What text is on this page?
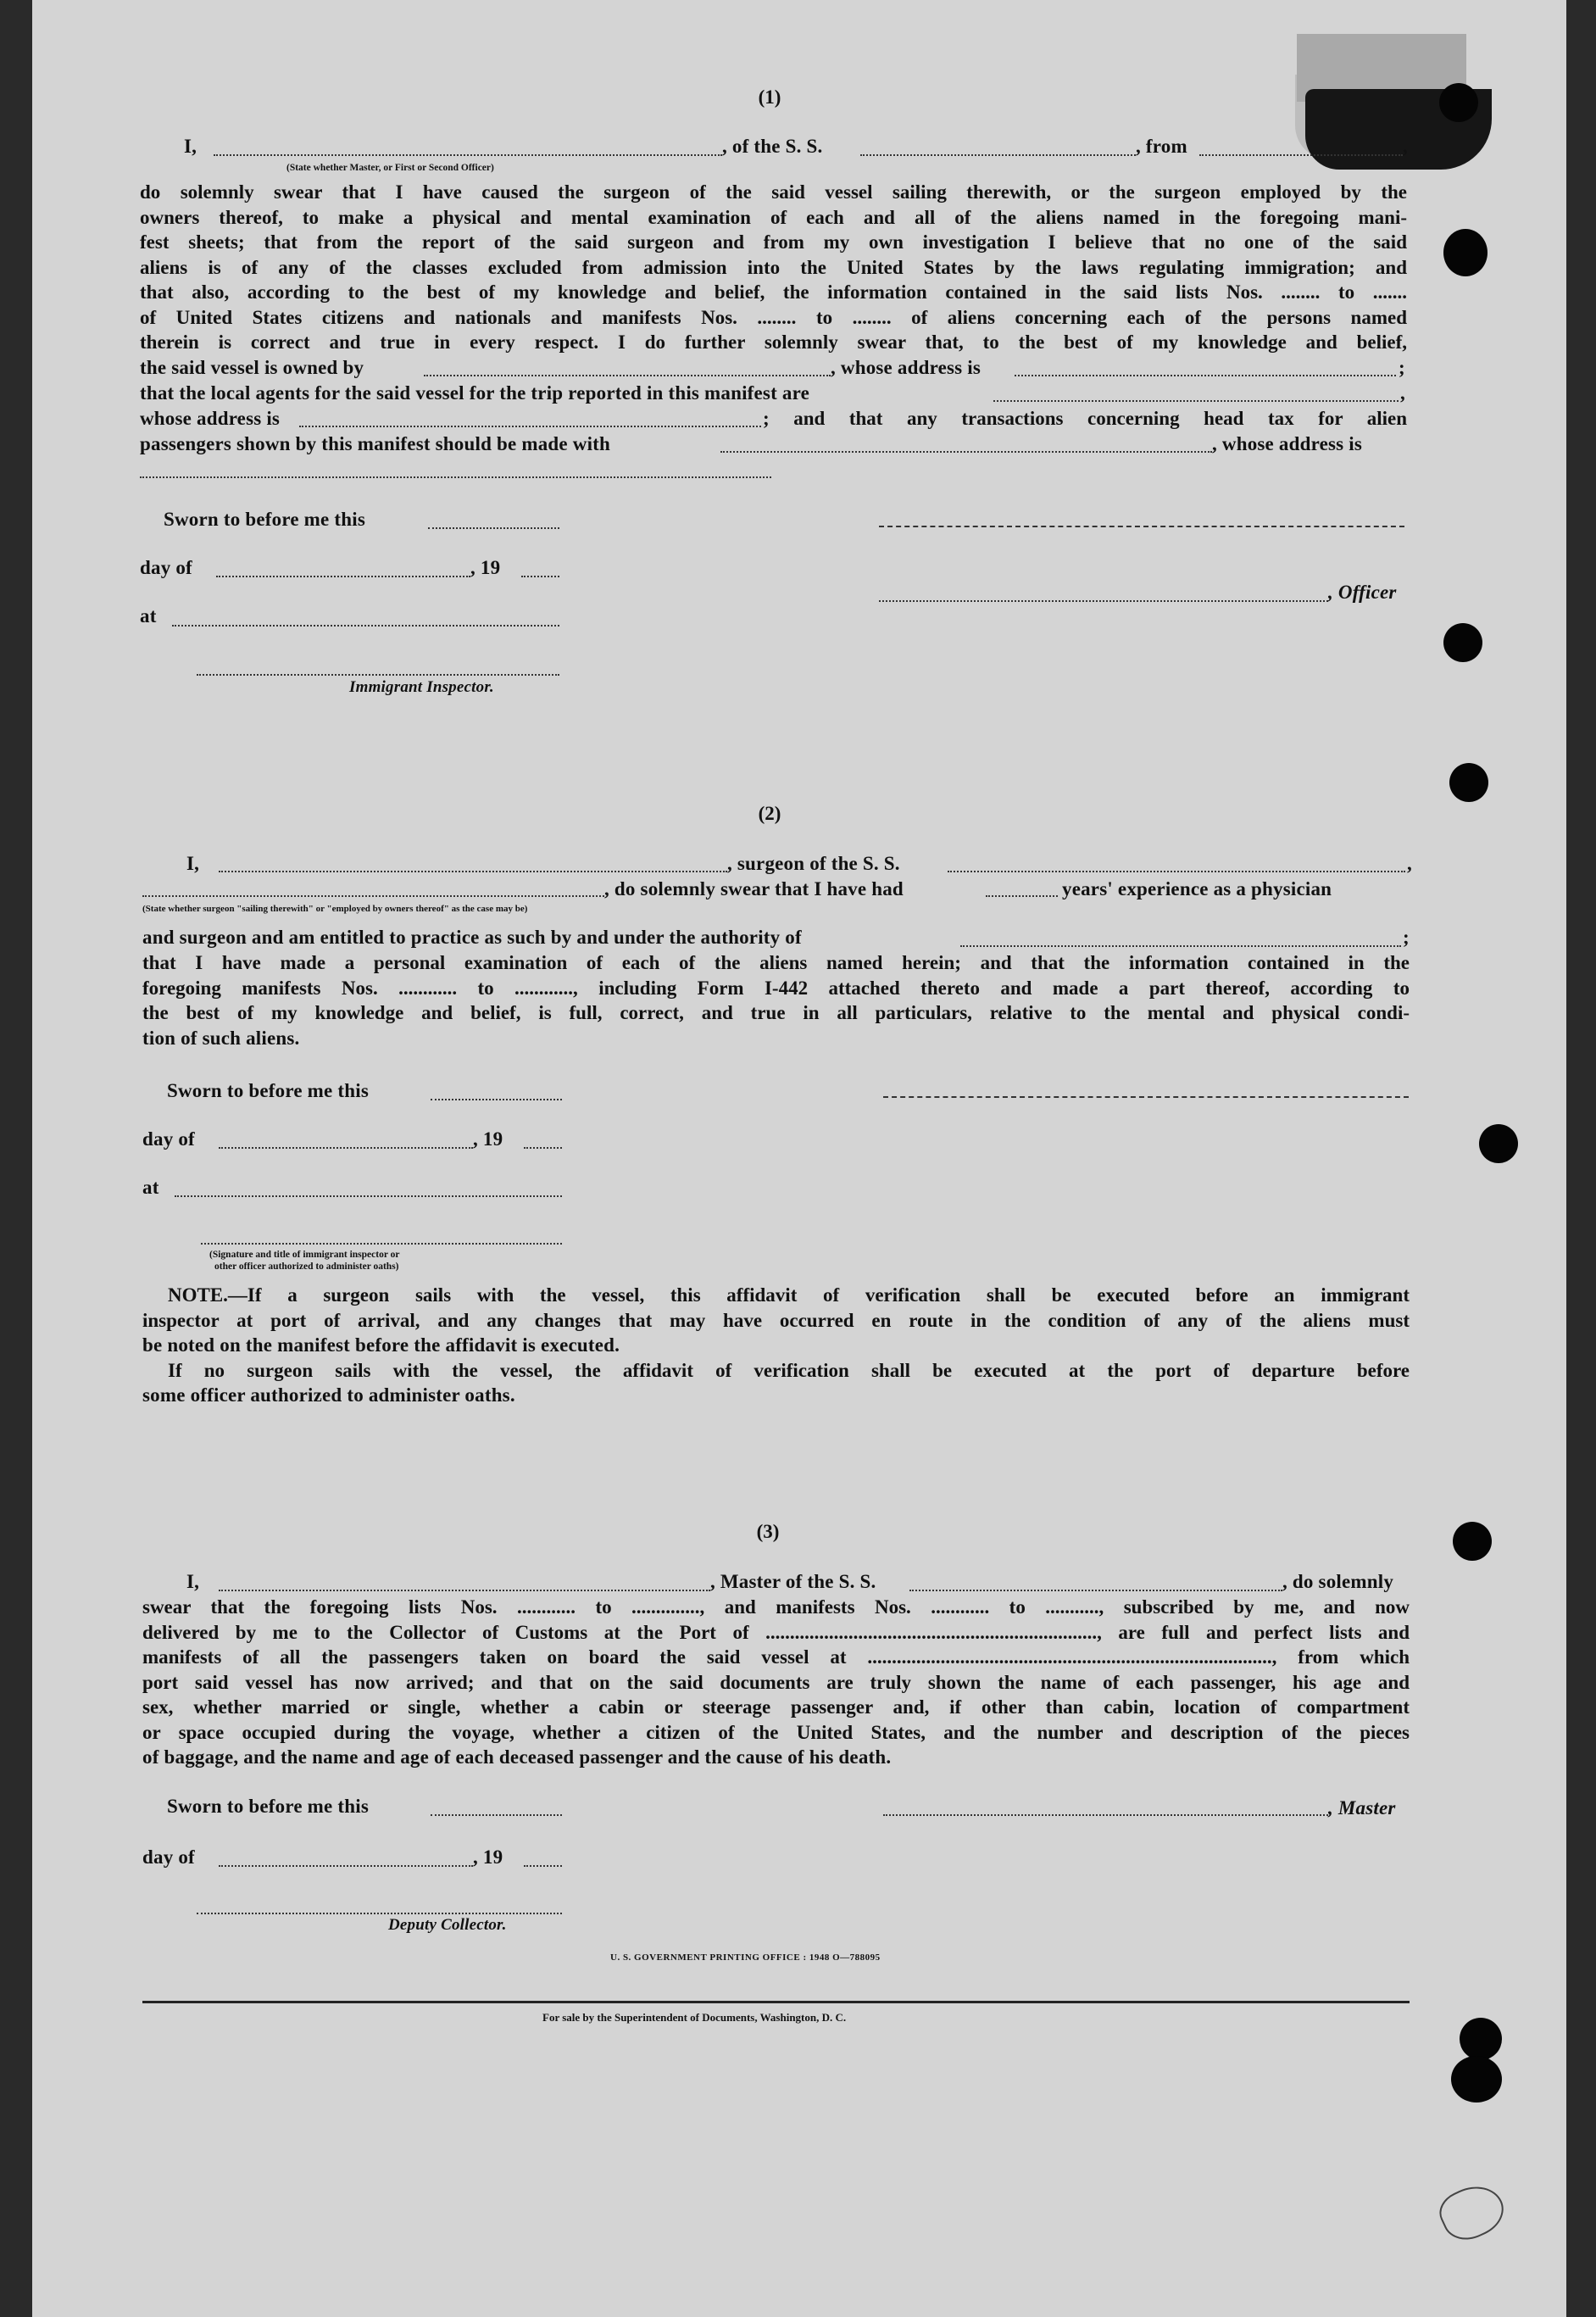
(1)
I,	, of the S. S.	, from	,
(State whether Master, or First or Second Officer)
do solemnly swear that I have caused the surgeon of the said vessel sailing therewith, or the surgeon employed by the
owners thereof, to make a physical and mental examination of each and all of the aliens named in the foregoing mani-
fest sheets; that from the report of the said surgeon and from my own investigation I believe that no one of the said
aliens is of any of the classes excluded from admission into the United States by the laws regulating immigration; and
that also, according to the best of my knowledge and belief, the information contained in the said lists Nos. ........ to .......
of United States citizens and nationals and manifests Nos. ........ to ........ of aliens concerning each of the persons named
therein is correct and true in every respect. I do further solemnly swear that, to the best of my knowledge and belief,
the said vessel is owned by	, whose address is	;
that the local agents for the said vessel for the trip reported in this manifest are	,
whose address is	; and that any transactions concerning head tax for alien
passengers shown by this manifest should be made with	, whose address is
Sworn to before me this
day of	, 19
at
, Officer
Immigrant Inspector.
(2)
I,	, surgeon of the S. S.	,
, do solemnly swear that I have had	years' experience as a physician
(State whether surgeon "sailing therewith" or "employed by owners thereof" as the case may be)
and surgeon and am entitled to practice as such by and under the authority of	;
that I have made a personal examination of each of the aliens named herein; and that the information contained in the
foregoing manifests Nos. ............ to ............, including Form I-442 attached thereto and made a part thereof, according to
the best of my knowledge and belief, is full, correct, and true in all particulars, relative to the mental and physical condi-
tion of such aliens.
Sworn to before me this
day of	, 19
at
(Signature and title of immigrant inspector or
other officer authorized to administer oaths)
NOTE.—If a surgeon sails with the vessel, this affidavit of verification shall be executed before an immigrant
inspector at port of arrival, and any changes that may have occurred en route in the condition of any of the aliens must
be noted on the manifest before the affidavit is executed.
If no surgeon sails with the vessel, the affidavit of verification shall be executed at the port of departure before
some officer authorized to administer oaths.
(3)
I,	, Master of the S. S.	, do solemnly
swear that the foregoing lists Nos. ............ to .............., and manifests Nos. ............ to ..........., subscribed by me, and now
delivered by me to the Collector of Customs at the Port of ...................................................................., are full and perfect lists and
manifests of all the passengers taken on board the said vessel at ..................................................................................., from which
port said vessel has now arrived; and that on the said documents are truly shown the name of each passenger, his age and
sex, whether married or single, whether a cabin or steerage passenger and, if other than cabin, location of compartment
or space occupied during the voyage, whether a citizen of the United States, and the number and description of the pieces
of baggage, and the name and age of each deceased passenger and the cause of his death.
Sworn to before me this	, Master
day of	, 19
Deputy Collector.
U. S. GOVERNMENT PRINTING OFFICE : 1948 O—788095
For sale by the Superintendent of Documents, Washington, D. C.
